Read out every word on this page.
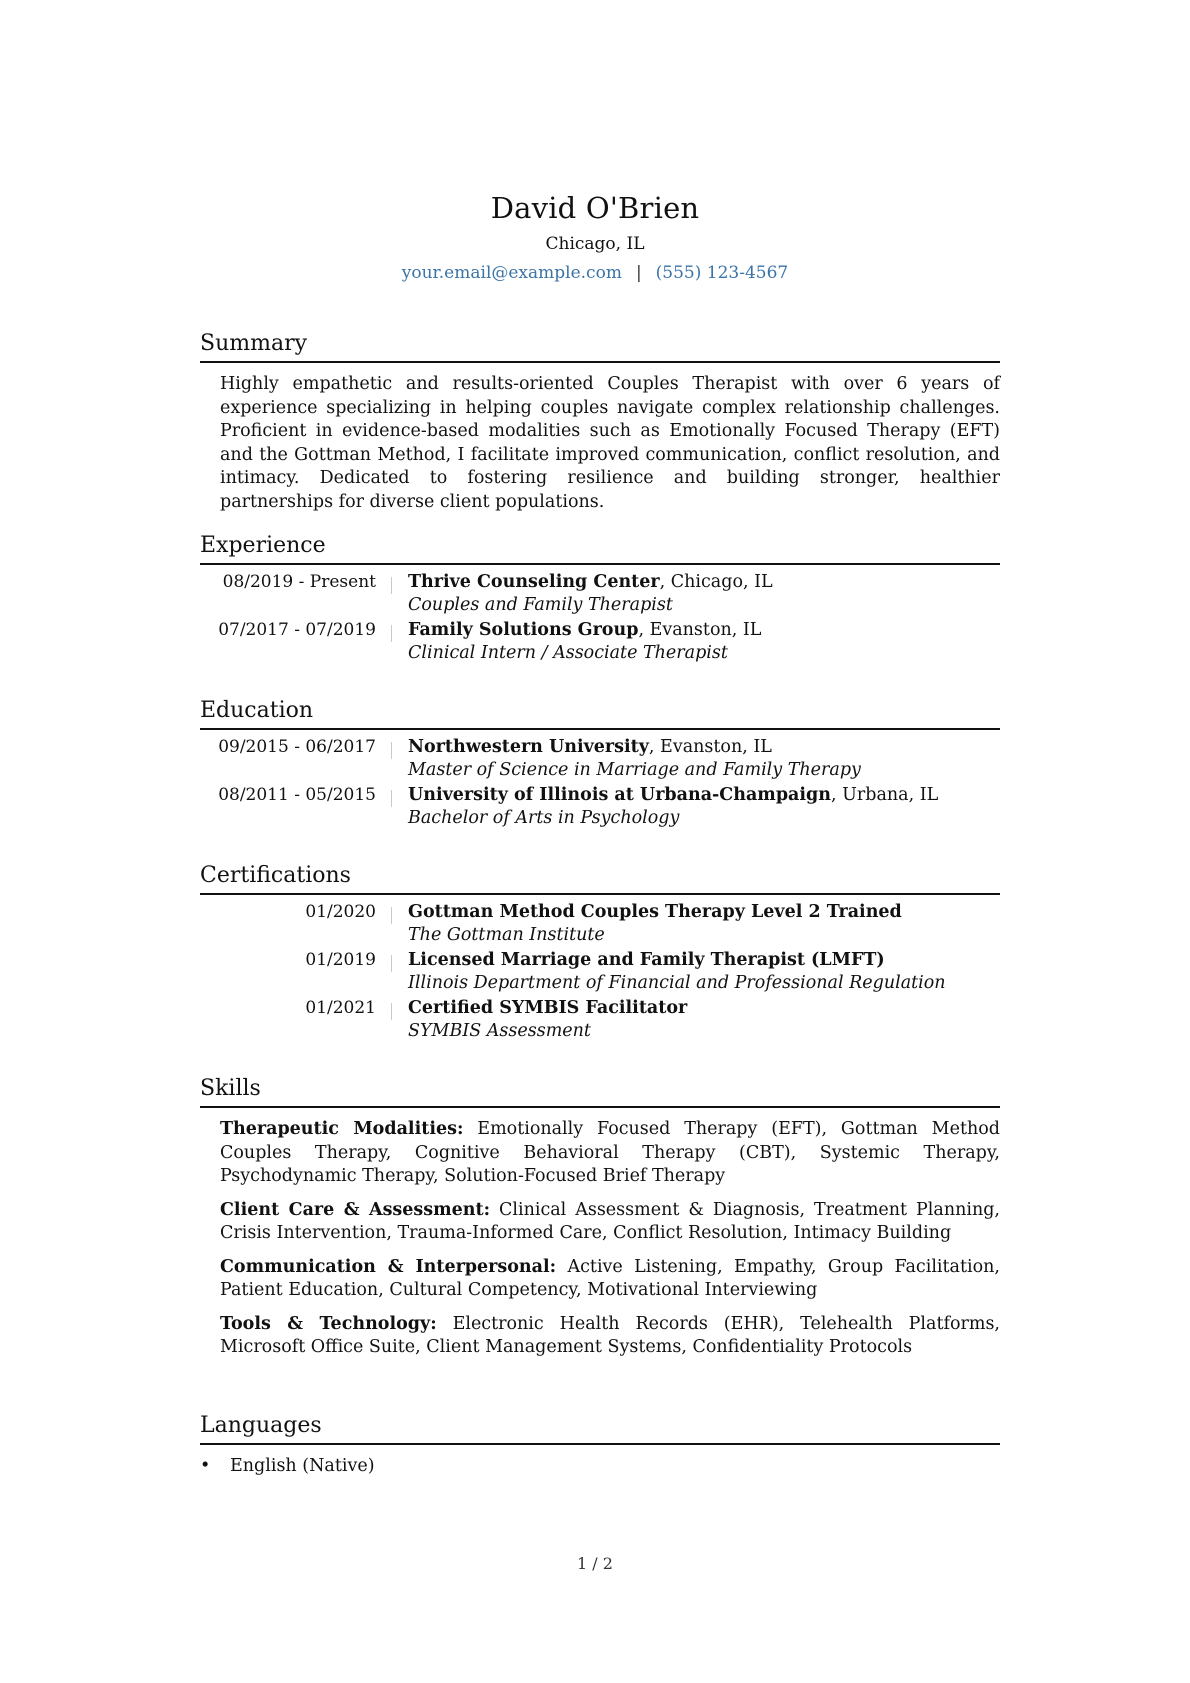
David O'Brien
Chicago, IL
your.email@example.com | (555) 123-4567
Summary

Highly empathetic and results-oriented Couples Therapist with over 6 years of experience specializing in helping couples navigate complex relationship challenges. Proficient in evidence-based modalities such as Emotionally Focused Therapy (EFT) and the Gottman Method, I facilitate improved communication, conflict resolution, and intimacy. Dedicated to fostering resilience and building stronger, healthier partnerships for diverse client populations.

Experience
08/2019 - Present Thrive Counseling Center, Chicago, IL
Couples and Family Therapist
07/2017 - 07/2019 Family Solutions Group, Evanston, IL
Clinical Intern / Associate Therapist
Education
09/2015 - 06/2017 Northwestern University, Evanston, IL
Master of Science in Marriage and Family Therapy
08/2011 - 05/2015 University of Illinois at Urbana-Champaign, Urbana, IL
Bachelor of Arts in Psychology
Certifications
01/2020 Gottman Method Couples Therapy Level 2 Trained
The Gottman Institute
01/2019 Licensed Marriage and Family Therapist (LMFT)
Illinois Department of Financial and Professional Regulation
01/2021 Certified SYMBIS Facilitator
SYMBIS Assessment
Skills

Therapeutic Modalities: Emotionally Focused Therapy (EFT), Gottman Method Couples Therapy, Cognitive Behavioral Therapy (CBT), Systemic Therapy, Psychodynamic Therapy, Solution-Focused Brief Therapy

Client Care & Assessment: Clinical Assessment & Diagnosis, Treatment Planning, Crisis Intervention, Trauma-Informed Care, Conflict Resolution, Intimacy Building

Communication & Interpersonal: Active Listening, Empathy, Group Facilitation, Patient Education, Cultural Competency, Motivational Interviewing

Tools & Technology: Electronic Health Records (EHR), Telehealth Platforms, Microsoft Office Suite, Client Management Systems, Confidentiality Protocols

Languages
• English (Native)
1 / 2
